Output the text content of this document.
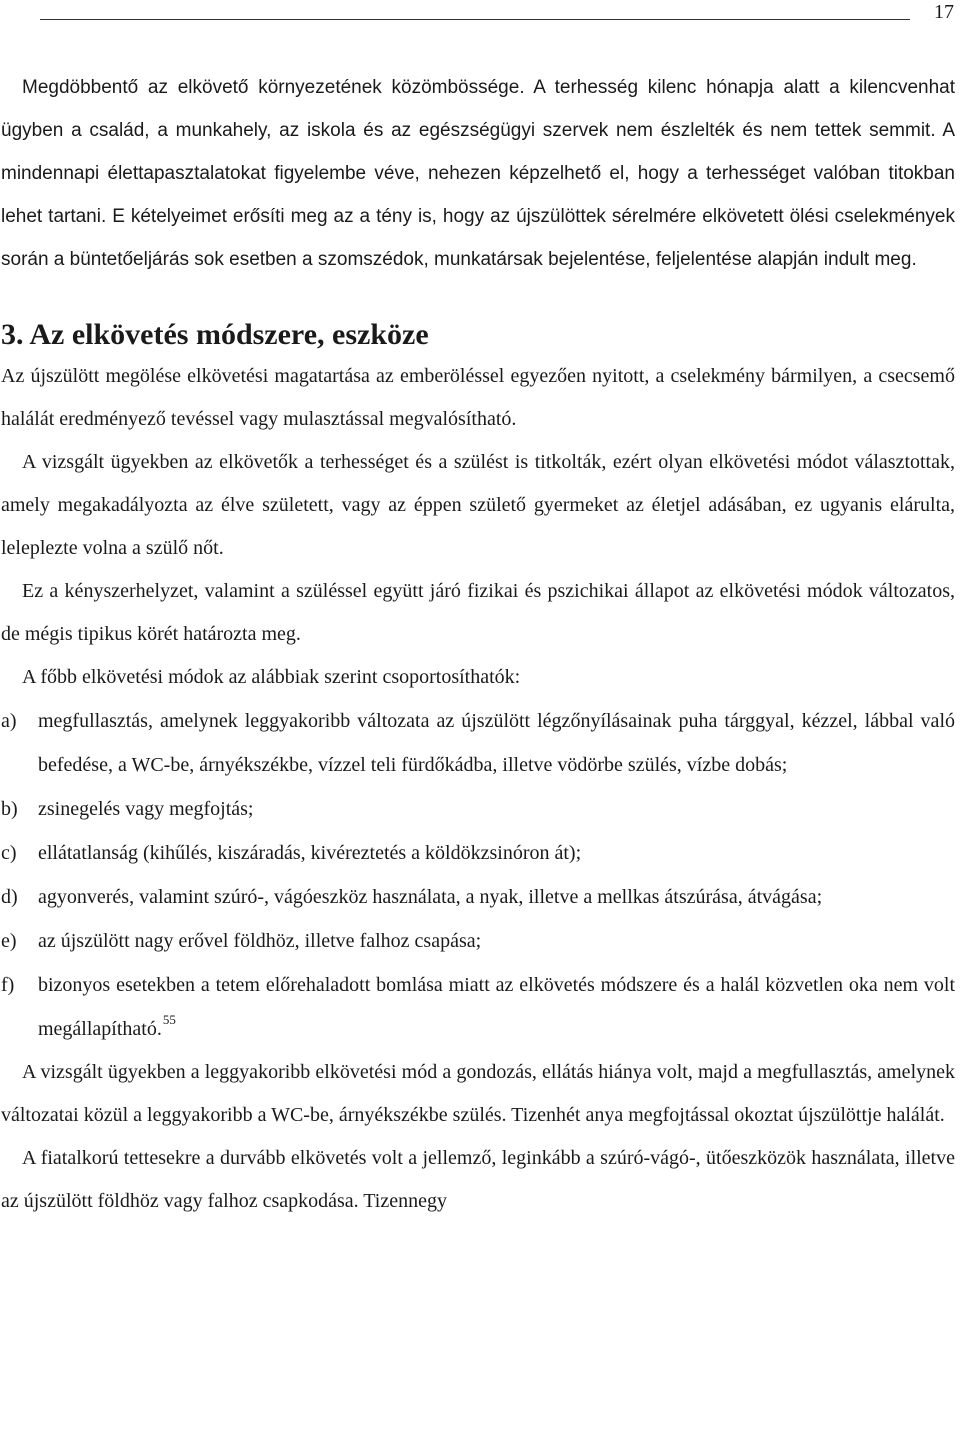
17

Megdöbbentő az elkövető környezetének közömbössége. A terhesség kilenc hónapja alatt a kilencvenhat ügyben a család, a munkahely, az iskola és az egészségügyi szervek nem észlelték és nem tettek semmit. A mindennapi élettapasztalatokat figyelembe véve, nehezen képzelhető el, hogy a terhességet valóban titokban lehet tartani. E kételyeimet erősíti meg az a tény is, hogy az újszülöttek sérelmére elkövetett ölési cselekmények során a büntetőeljárás sok esetben a szomszédok, munkatársak bejelentése, feljelentése alapján indult meg.

3. Az elkövetés módszere, eszköze

Az újszülött megölése elkövetési magatartása az emberöléssel egyezően nyitott, a cselekmény bármilyen, a csecsemő halálát eredményező tevéssel vagy mulasztással megvalósítható.

A vizsgált ügyekben az elkövetők a terhességet és a szülést is titkolták, ezért olyan elkövetési módot választottak, amely megakadályozta az élve született, vagy az éppen születő gyermeket az életjel adásában, ez ugyanis elárulta, leleplezte volna a szülő nőt.

Ez a kényszerhelyzet, valamint a szüléssel együtt járó fizikai és pszichikai állapot az elkövetési módok változatos, de mégis tipikus körét határozta meg.

A főbb elkövetési módok az alábbiak szerint csoportosíthatók:

a)	megfullasztás, amelynek leggyakoribb változata az újszülött légzőnyílásainak puha tárggyal, kézzel, lábbal való befedése, a WC-be, árnyékszékbe, vízzel teli fürdőkádba, illetve vödörbe szülés, vízbe dobás;
b)	zsinegelés vagy megfojtás;
c)	ellátatlanság (kihűlés, kiszáradás, kivéreztetés a köldökzsinóron át);
d)	agyonverés, valamint szúró-, vágóeszköz használata, a nyak, illetve a mellkas átszúrása, átvágása;
e)	az újszülött nagy erővel földhöz, illetve falhoz csapása;
f)	bizonyos esetekben a tetem előrehaladott bomlása miatt az elkövetés módszere és a halál közvetlen oka nem volt megállapítható.$^{55}$

A vizsgált ügyekben a leggyakoribb elkövetési mód a gondozás, ellátás hiánya volt, majd a megfullasztás, amelynek változatai közül a leggyakoribb a WC-be, árnyékszékbe szülés. Tizenhét anya megfojtással okoztat újszülöttje halálát.

A fiatalkorú tettesekre a durvább elkövetés volt a jellemző, leginkább a szúró-vágó-, ütőeszközök használata, illetve az újszülött földhöz vagy falhoz csapkodása. Tizennegy
